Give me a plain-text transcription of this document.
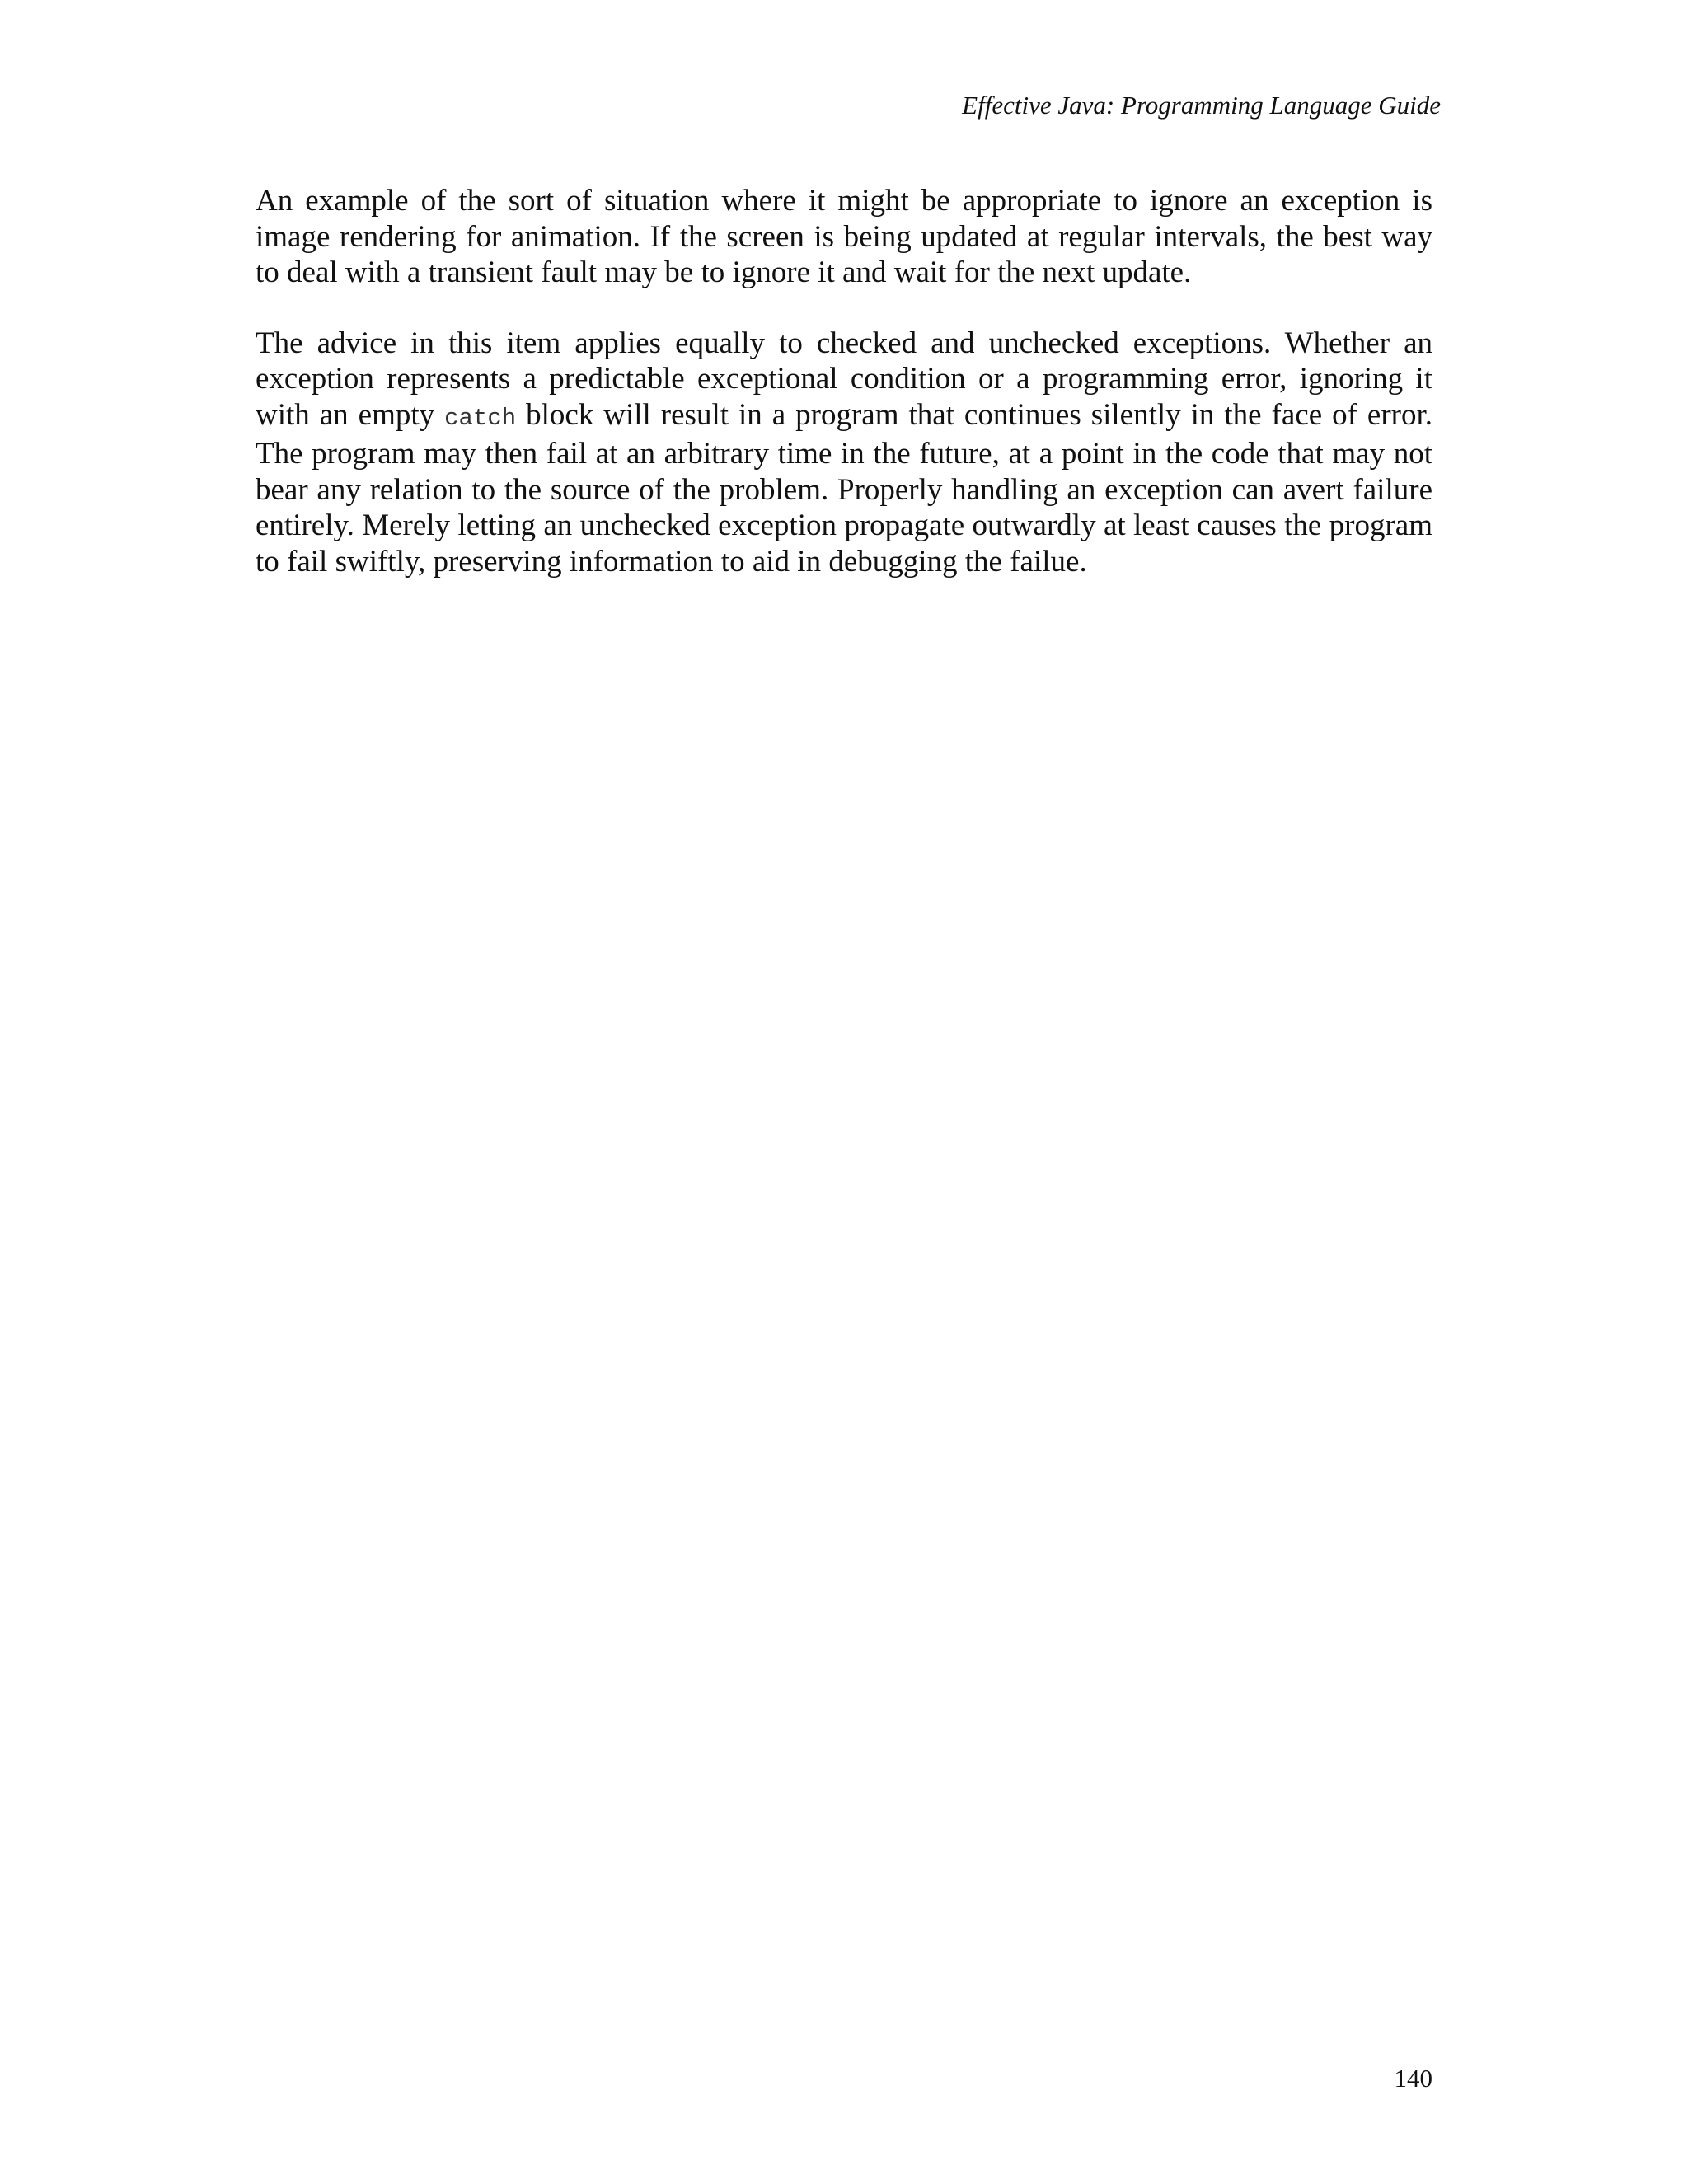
Effective Java: Programming Language Guide

An example of the sort of situation where it might be appropriate to ignore an exception is image rendering for animation. If the screen is being updated at regular intervals, the best way to deal with a transient fault may be to ignore it and wait for the next update.

The advice in this item applies equally to checked and unchecked exceptions. Whether an exception represents a predictable exceptional condition or a programming error, ignoring it with an empty catch block will result in a program that continues silently in the face of error. The program may then fail at an arbitrary time in the future, at a point in the code that may not bear any relation to the source of the problem. Properly handling an exception can avert failure entirely. Merely letting an unchecked exception propagate outwardly at least causes the program to fail swiftly, preserving information to aid in debugging the failue.

140
